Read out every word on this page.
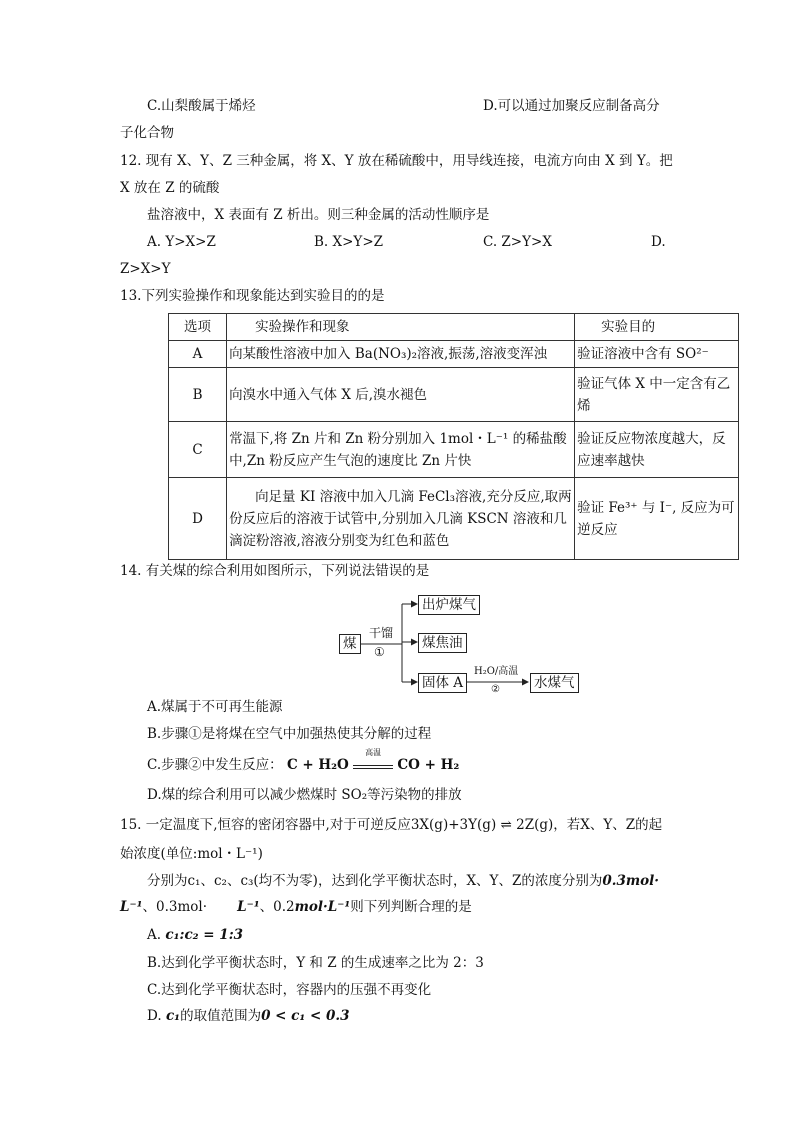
C.山梨酸属于烯烃	D.可以通过加聚反应制备高分
子化合物
12. 现有 X、Y、Z 三种金属，将 X、Y 放在稀硫酸中，用导线连接，电流方向由 X 到 Y。把
X 放在 Z 的硫酸
盐溶液中，X 表面有 Z 析出。则三种金属的活动性顺序是
A. Y>X>Z	B. X>Y>Z	C. Z>Y>X	D.
Z>X>Y
13.下列实验操作和现象能达到实验目的的是
选项	实验操作和现象	实验目的
A	向某酸性溶液中加入 Ba(NO₃)₂溶液,振荡,溶液变浑浊	验证溶液中含有 SO²⁻
B	向溴水中通入气体 X 后,溴水褪色	验证气体 X 中一定含有乙烯
C	常温下,将 Zn 片和 Zn 粉分别加入 1mol・L⁻¹ 的稀盐酸中,Zn 粉反应产生气泡的速度比 Zn 片快	验证反应物浓度越大，反应速率越快
D	向足量 KI 溶液中加入几滴 FeCl₃溶液,充分反应,取两份反应后的溶液于试管中,分别加入几滴 KSCN 溶液和几滴淀粉溶液,溶液分别变为红色和蓝色	验证 Fe³⁺ 与 I⁻, 反应为可逆反应
14. 有关煤的综合利用如图所示，下列说法错误的是
煤
干馏
①
出炉煤气
煤焦油
固体 A
H₂O/高温
②	水煤气
A.煤属于不可再生能源
B.步骤①是将煤在空气中加强热使其分解的过程
C.步骤②中发生反应： C + H₂O
高温
CO + H₂
D.煤的综合利用可以减少燃煤时 SO₂等污染物的排放
15. 一定温度下,恒容的密闭容器中,对于可逆反应3X(g)+3Y(g) ⇌ 2Z(g)，若X、Y、Z的起
始浓度(单位:mol・L⁻¹)
分别为c₁、c₂、c₃(均不为零)，达到化学平衡状态时，X、Y、Z的浓度分别为0.3mol·
L⁻¹、0.3mol· L⁻¹、0.2mol·L⁻¹则下列判断合理的是
A. c₁:c₂ = 1:3
B.达到化学平衡状态时，Y 和 Z 的生成速率之比为 2：3
C.达到化学平衡状态时，容器内的压强不再变化
D. c₁的取值范围为0 < c₁ < 0.3
